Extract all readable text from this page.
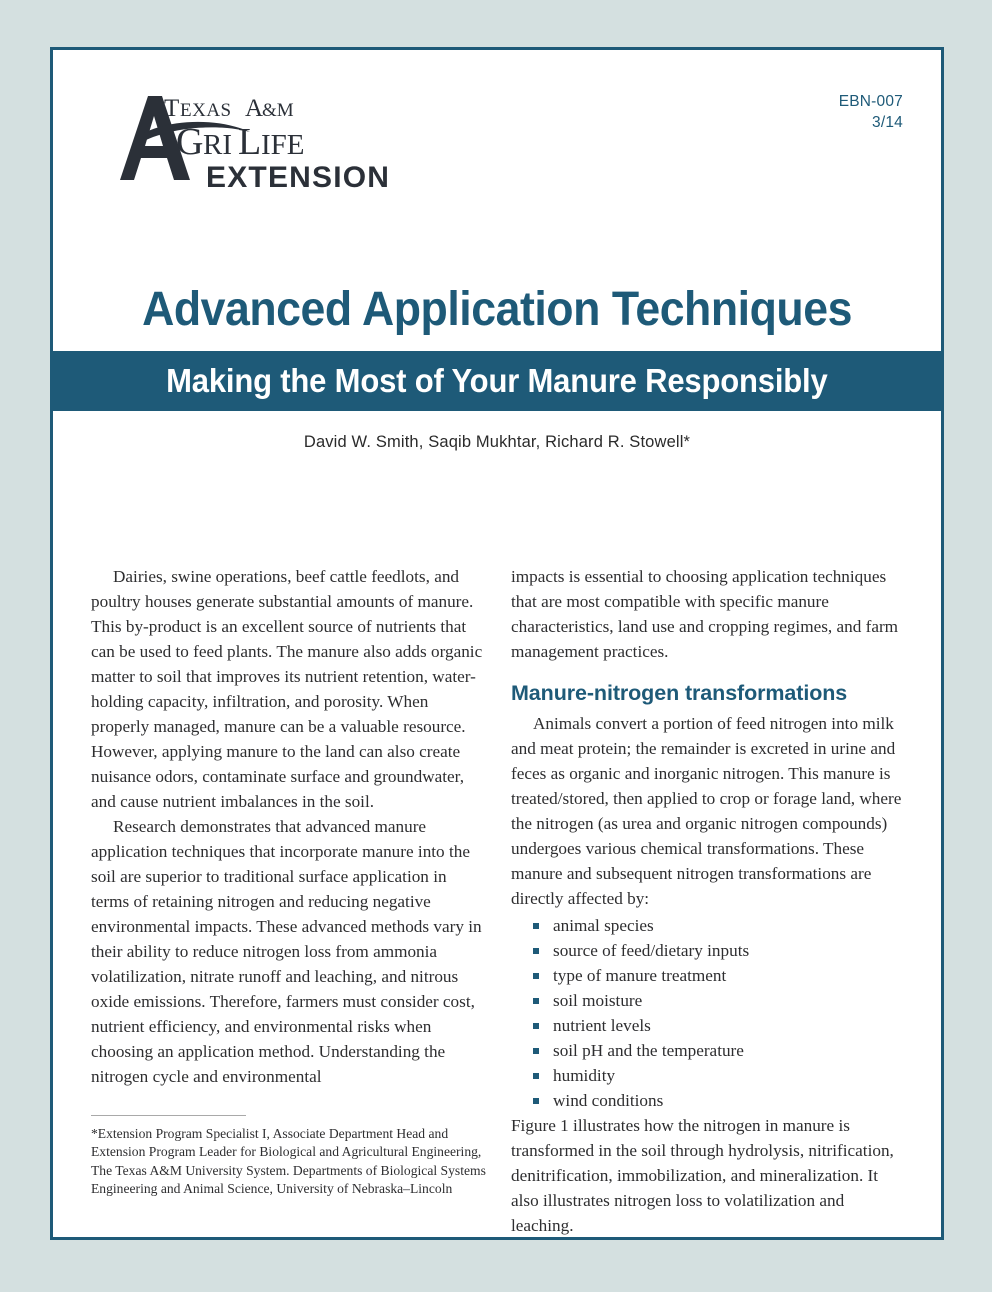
T EXAS A
&M
G RI L IFE
EXTENSION
EBN-007
3/14
Advanced Application Techniques
Making the Most of Your Manure Responsibly
David W. Smith, Saqib Mukhtar, Richard R. Stowell*

Dairies, swine operations, beef cattle feedlots, and poultry houses generate substantial amounts of manure. This by-product is an excellent source of nutrients that can be used to feed plants. The manure also adds organic matter to soil that improves its nutrient retention, water-holding capacity, infiltration, and porosity. When properly managed, manure can be a valuable resource. However, applying manure to the land can also create nuisance odors, contaminate surface and groundwater, and cause nutrient imbalances in the soil.

Research demonstrates that advanced manure application techniques that incorporate manure into the soil are superior to traditional surface application in terms of retaining nitrogen and reducing negative environmental impacts. These advanced methods vary in their ability to reduce nitrogen loss from ammonia volatilization, nitrate runoff and leaching, and nitrous oxide emissions. Therefore, farmers must consider cost, nutrient efficiency, and environmental risks when choosing an application method. Understanding the nitrogen cycle and environmental

*Extension Program Specialist I, Associate Department Head and Extension Program Leader for Biological and Agricultural Engineering, The Texas A&M University System. Departments of Biological Systems Engineering and Animal Science, University of Nebraska–Lincoln

impacts is essential to choosing application techniques that are most compatible with specific manure characteristics, land use and cropping regimes, and farm management practices.

Manure-nitrogen transformations

Animals convert a portion of feed nitrogen into milk and meat protein; the remainder is excreted in urine and feces as organic and inorganic nitrogen. This manure is treated/stored, then applied to crop or forage land, where the nitrogen (as urea and organic nitrogen compounds) undergoes various chemical transformations. These manure and subsequent nitrogen transformations are directly affected by:

animal species
source of feed/dietary inputs
type of manure treatment
soil moisture
nutrient levels
soil pH and the temperature
humidity
wind conditions

Figure 1 illustrates how the nitrogen in manure is transformed in the soil through hydrolysis, nitrification, denitrification, immobilization, and mineralization. It also illustrates nitrogen loss to volatilization and leaching.
